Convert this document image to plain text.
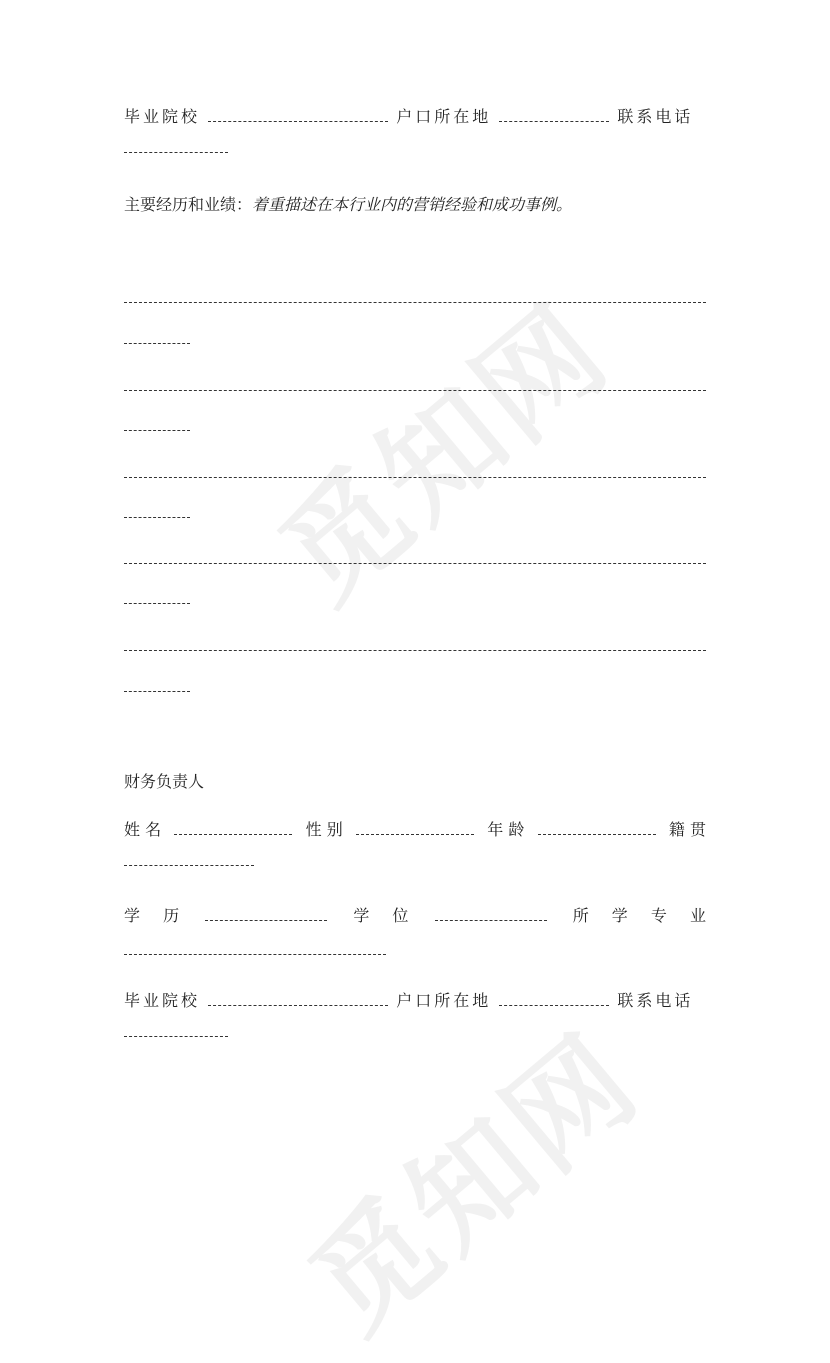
觅知网
觅知网
毕业院校	户口所在地	联系电话
主要经历和业绩：着重描述在本行业内的营销经验和成功事例。
财务负责人
姓 名	性 别	年 龄	籍 贯
学 历	学 位	所 学 专 业
毕业院校	户口所在地	联系电话
